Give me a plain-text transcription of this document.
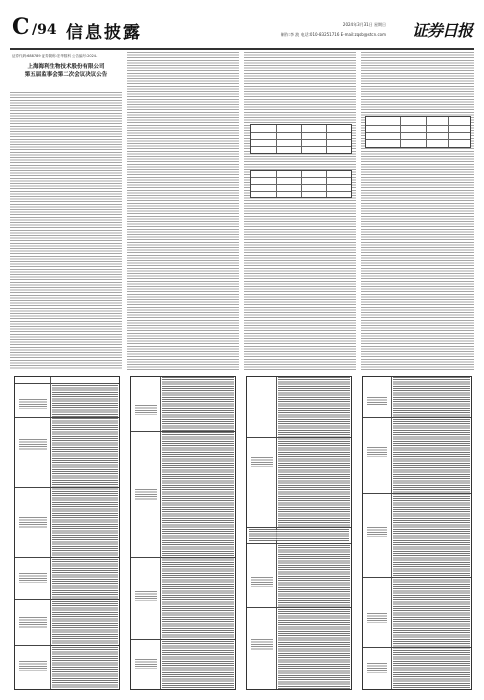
C /94 信息披露	2024年3月31日 星期日
制作:李 波 电话:010-83251716 E-mail:zqsb@stcn.com 证券日报
证券代码:688789 证券简称:宏华数科 公告编号:2024-
上海海利生物技术股份有限公司
第五届监事会第二次会议决议公告
